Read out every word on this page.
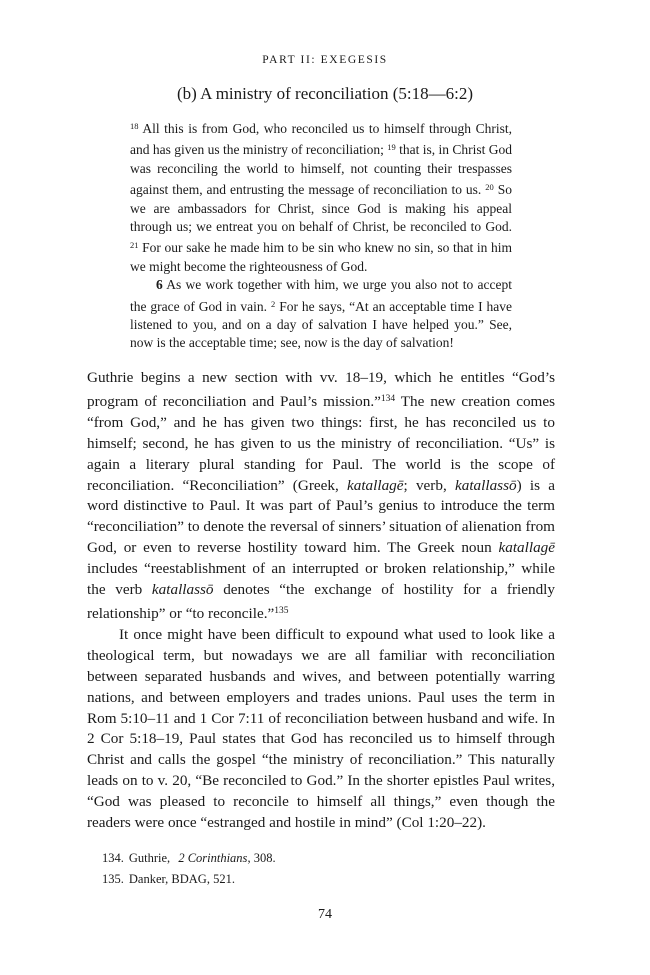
PART II: EXEGESIS
(b) A ministry of reconciliation (5:18—6:2)

$^{18}$ All this is from God, who reconciled us to himself through Christ, and has given us the ministry of reconciliation; $^{19}$ that is, in Christ God was reconciling the world to himself, not counting their trespasses against them, and entrusting the message of reconciliation to us. $^{20}$ So we are ambassadors for Christ, since God is making his appeal through us; we entreat you on behalf of Christ, be reconciled to God. $^{21}$ For our sake he made him to be sin who knew no sin, so that in him we might become the righteousness of God.

6 As we work together with him, we urge you also not to accept the grace of God in vain. $^2$ For he says, “At an acceptable time I have listened to you, and on a day of salvation I have helped you.” See, now is the acceptable time; see, now is the day of salvation!

Guthrie begins a new section with vv. 18–19, which he entitles “God’s program of reconciliation and Paul’s mission.”$^{134}$ The new creation comes “from God,” and he has given two things: first, he has reconciled us to himself; second, he has given to us the ministry of reconciliation. “Us” is again a literary plural standing for Paul. The world is the scope of reconciliation. “Reconciliation” (Greek, katallagē; verb, katallassō) is a word distinctive to Paul. It was part of Paul’s genius to introduce the term “reconciliation” to denote the reversal of sinners’ situation of alienation from God, or even to reverse hostility toward him. The Greek noun katallagē includes “reestablishment of an interrupted or broken relationship,” while the verb katallassō denotes “the exchange of hostility for a friendly relationship” or “to reconcile.”$^{135}$

It once might have been difficult to expound what used to look like a theological term, but nowadays we are all familiar with reconciliation between separated husbands and wives, and between potentially warring nations, and between employers and trades unions. Paul uses the term in Rom 5:10–11 and 1 Cor 7:11 of reconciliation between husband and wife. In 2 Cor 5:18–19, Paul states that God has reconciled us to himself through Christ and calls the gospel “the ministry of reconciliation.” This naturally leads on to v. 20, “Be reconciled to God.” In the shorter epistles Paul writes, “God was pleased to reconcile to himself all things,” even though the readers were once “estranged and hostile in mind” (Col 1:20–22).

134. Guthrie, 2 Corinthians, 308.
135. Danker, BDAG, 521.
74
